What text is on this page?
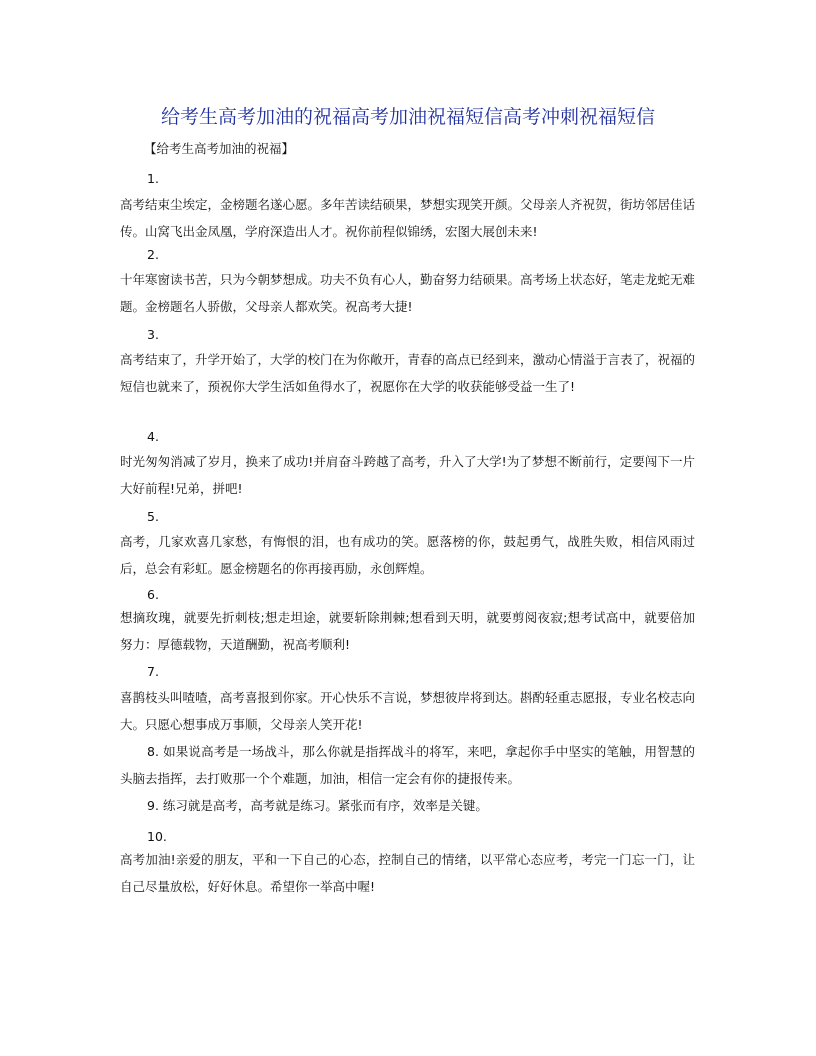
给考生高考加油的祝福高考加油祝福短信高考冲刺祝福短信
【给考生高考加油的祝福】
1.
高考结束尘埃定，金榜题名遂心愿。多年苦读结硕果，梦想实现笑开颜。父母亲人齐祝贺，街坊邻居佳话传。山窝飞出金凤凰，学府深造出人才。祝你前程似锦绣，宏图大展创未来!
2.
十年寒窗读书苦，只为今朝梦想成。功夫不负有心人，勤奋努力结硕果。高考场上状态好，笔走龙蛇无难题。金榜题名人骄傲，父母亲人都欢笑。祝高考大捷!
3.
高考结束了，升学开始了，大学的校门在为你敞开，青春的高点已经到来，激动心情溢于言表了，祝福的短信也就来了，预祝你大学生活如鱼得水了，祝愿你在大学的收获能够受益一生了!
4.
时光匆匆消减了岁月，换来了成功!并肩奋斗跨越了高考，升入了大学!为了梦想不断前行，定要闯下一片大好前程!兄弟，拼吧!
5.
高考，几家欢喜几家愁，有悔恨的泪，也有成功的笑。愿落榜的你，鼓起勇气，战胜失败，相信风雨过后，总会有彩虹。愿金榜题名的你再接再励，永创辉煌。
6.
想摘玫瑰，就要先折刺枝;想走坦途，就要斩除荆棘;想看到天明，就要剪阅夜寂;想考试高中，就要倍加努力：厚德载物，天道酬勤，祝高考顺利!
7.
喜鹊枝头叫喳喳，高考喜报到你家。开心快乐不言说，梦想彼岸将到达。斟酌轻重志愿报，专业名校志向大。只愿心想事成万事顺，父母亲人笑开花!
8. 如果说高考是一场战斗，那么你就是指挥战斗的将军，来吧，拿起你手中坚实的笔触，用智慧的头脑去指挥，去打败那一个个难题，加油，相信一定会有你的捷报传来。
9. 练习就是高考，高考就是练习。紧张而有序，效率是关键。
10.
高考加油!亲爱的朋友，平和一下自己的心态，控制自己的情绪，以平常心态应考，考完一门忘一门，让自己尽量放松，好好休息。希望你一举高中喔!
